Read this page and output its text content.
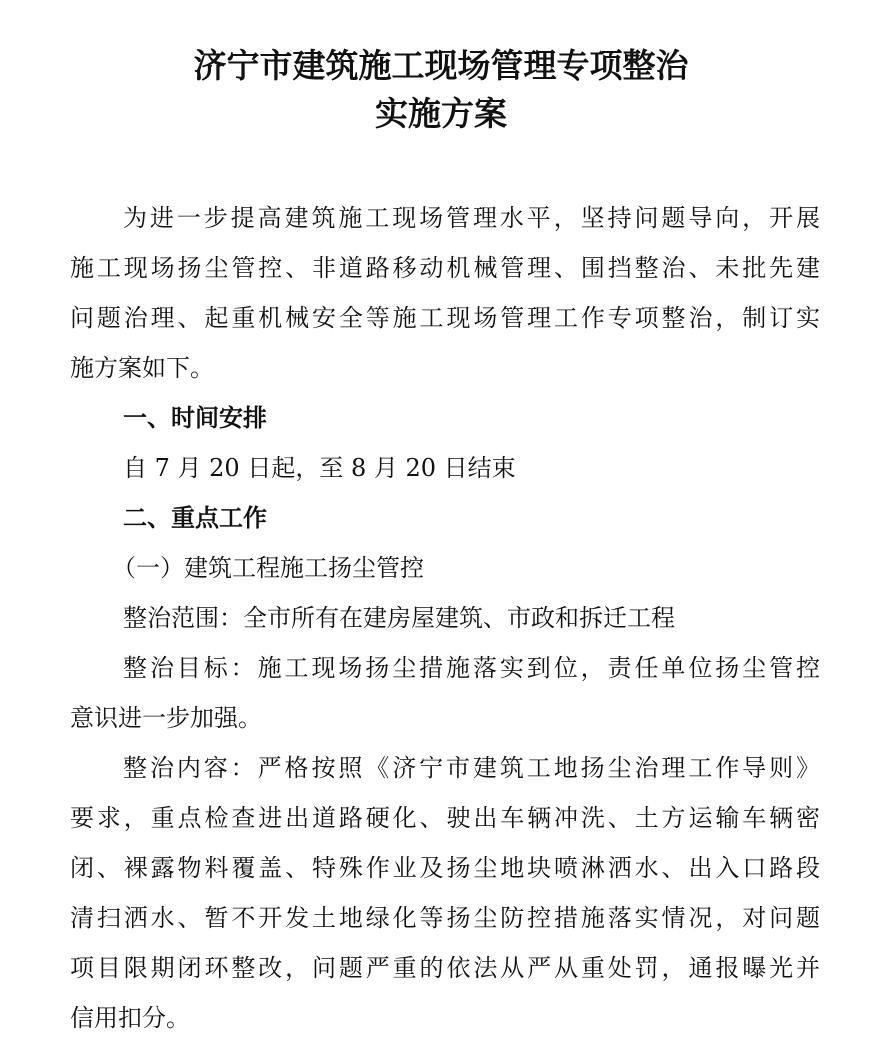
济宁市建筑施工现场管理专项整治
实施方案
为进一步提高建筑施工现场管理水平，坚持问题导向，开展
施工现场扬尘管控、非道路移动机械管理、围挡整治、未批先建
问题治理、起重机械安全等施工现场管理工作专项整治，制订实
施方案如下。
一、时间安排
自 7 月 20 日起，至 8 月 20 日结束
二、重点工作
（一）建筑工程施工扬尘管控
整治范围：全市所有在建房屋建筑、市政和拆迁工程
整治目标：施工现场扬尘措施落实到位，责任单位扬尘管控
意识进一步加强。
整治内容：严格按照《济宁市建筑工地扬尘治理工作导则》
要求，重点检查进出道路硬化、驶出车辆冲洗、土方运输车辆密
闭、裸露物料覆盖、特殊作业及扬尘地块喷淋洒水、出入口路段
清扫洒水、暂不开发土地绿化等扬尘防控措施落实情况，对问题
项目限期闭环整改，问题严重的依法从严从重处罚，通报曝光并
信用扣分。
